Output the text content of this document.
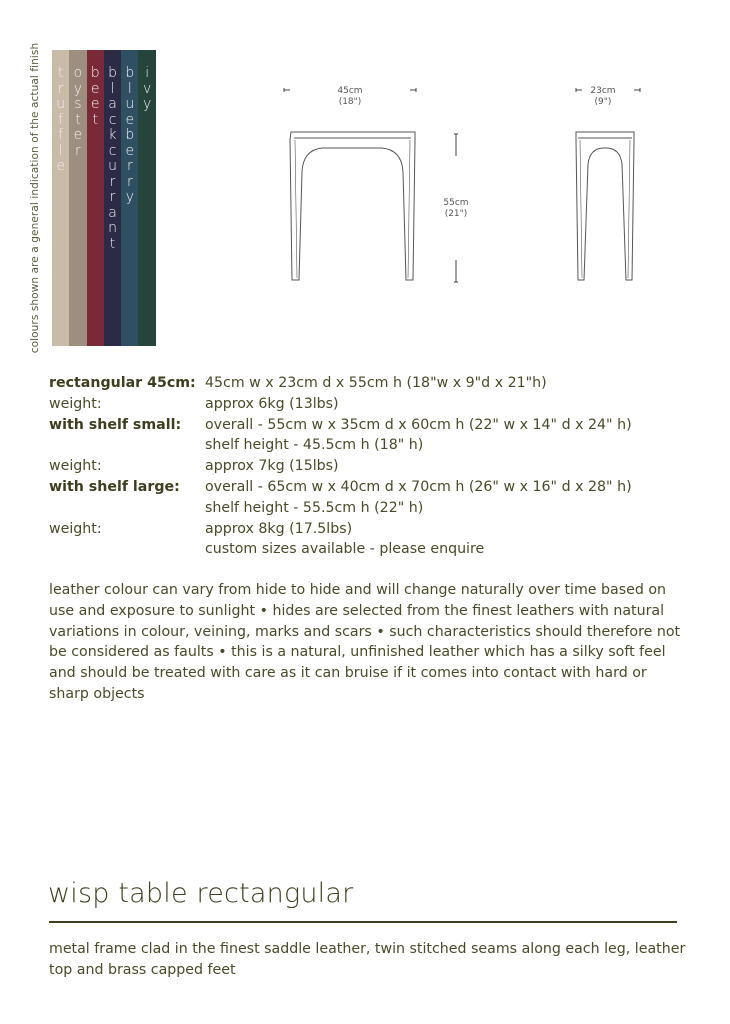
colours shown are a general indication of the actual finish t
r
u
f
f
l
e
o
y
s
t
e
r
b
e
e
t
b
l
a
c
k
c
u
r
r
a
n
t
b
l
u
e
b
e
r
r
y
i
v
y
45cm
(18")
55cm
(21")
23cm
(9")
rectangular 45cm: 45cm w x 23cm d x 55cm h (18"w x 9"d x 21"h)
weight:	approx 6kg (13lbs)
with shelf small:	overall - 55cm w x 35cm d x 60cm h (22" w x 14" d x 24" h)
shelf height - 45.5cm h (18" h)
weight:	approx 7kg (15lbs)
with shelf large:	overall - 65cm w x 40cm d x 70cm h (26" w x 16" d x 28" h)
shelf height - 55.5cm h (22" h)
weight:	approx 8kg (17.5lbs)
custom sizes available - please enquire
leather colour can vary from hide to hide and will change naturally over time based on use and exposure to sunlight • hides are selected from the finest leathers with natural variations in colour, veining, marks and scars • such characteristics should therefore not be considered as faults • this is a natural, unfinished leather which has a silky soft feel and should be treated with care as it can bruise if it comes into contact with hard or sharp objects
wisp table rectangular
metal frame clad in the finest saddle leather, twin stitched seams along each leg, leather top and brass capped feet
